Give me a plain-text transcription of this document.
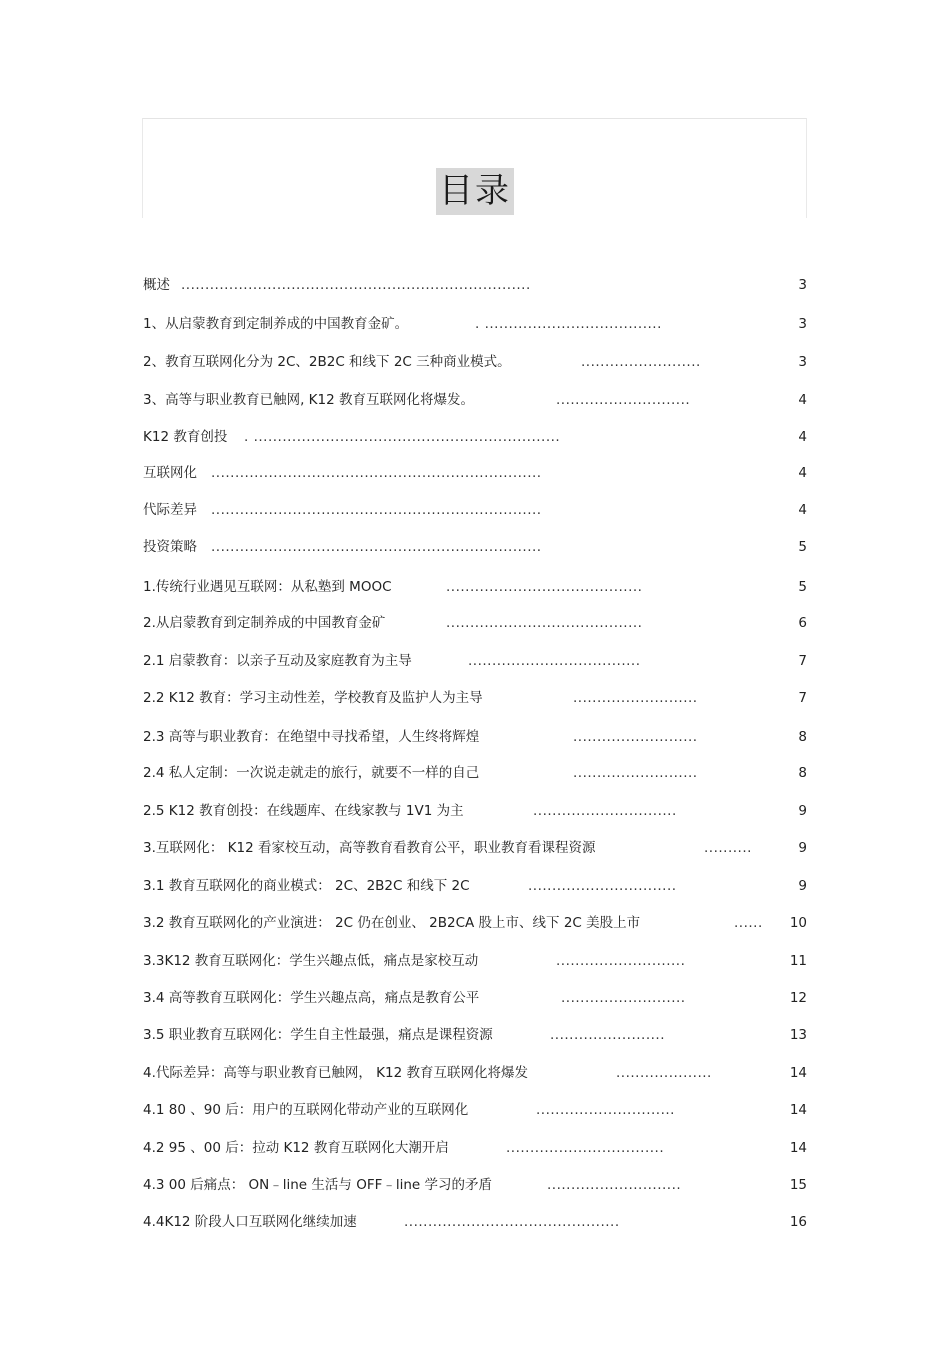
目录
概述 .........................................................................	3
1、从启蒙教育到定制养成的中国教育金矿。	. .....................................	3
2、教育互联网化分为 2C、2B2C 和线下 2C 三种商业模式。	.........................	3
3、高等与职业教育已触网, K12 教育互联网化将爆发。	............................	4
K12 教育创投 . ................................................................	4
互联网化 .....................................................................	4
代际差异 .....................................................................	4
投资策略 .....................................................................	5
1.传统行业遇见互联网：从私塾到 MOOC	.........................................	5
2.从启蒙教育到定制养成的中国教育金矿	.........................................	6
2.1 启蒙教育：以亲子互动及家庭教育为主导	....................................	7
2.2 K12 教育：学习主动性差，学校教育及监护人为主导	..........................	7
2.3 高等与职业教育：在绝望中寻找希望，人生终将辉煌	..........................	8
2.4 私人定制：一次说走就走的旅行，就要不一样的自己	..........................	8
2.5 K12 教育创投：在线题库、在线家教与 1V1 为主	..............................	9
3.互联网化： K12 看家校互动，高等教育看教育公平，职业教育看课程资源	..........	9
3.1 教育互联网化的商业模式： 2C、2B2C 和线下 2C	...............................	9
3.2 教育互联网化的产业演进： 2C 仍在创业、 2B2CA 股上市、线下 2C 美股上市	...... 10
3.3K12 教育互联网化：学生兴趣点低，痛点是家校互动	...........................	11
3.4 高等教育互联网化：学生兴趣点高，痛点是教育公平	..........................	12
3.5 职业教育互联网化：学生自主性最强，痛点是课程资源	........................	13
4.代际差异：高等与职业教育已触网， K12 教育互联网化将爆发	....................	14
4.1 80 、90 后：用户的互联网化带动产业的互联网化	.............................	14
4.2 95 、00 后：拉动 K12 教育互联网化大潮开启	.................................	14
4.3 00 后痛点： ON﹣line 生活与 OFF﹣line 学习的矛盾	............................	15
4.4K12 阶段人口互联网化继续加速	.............................................	16
